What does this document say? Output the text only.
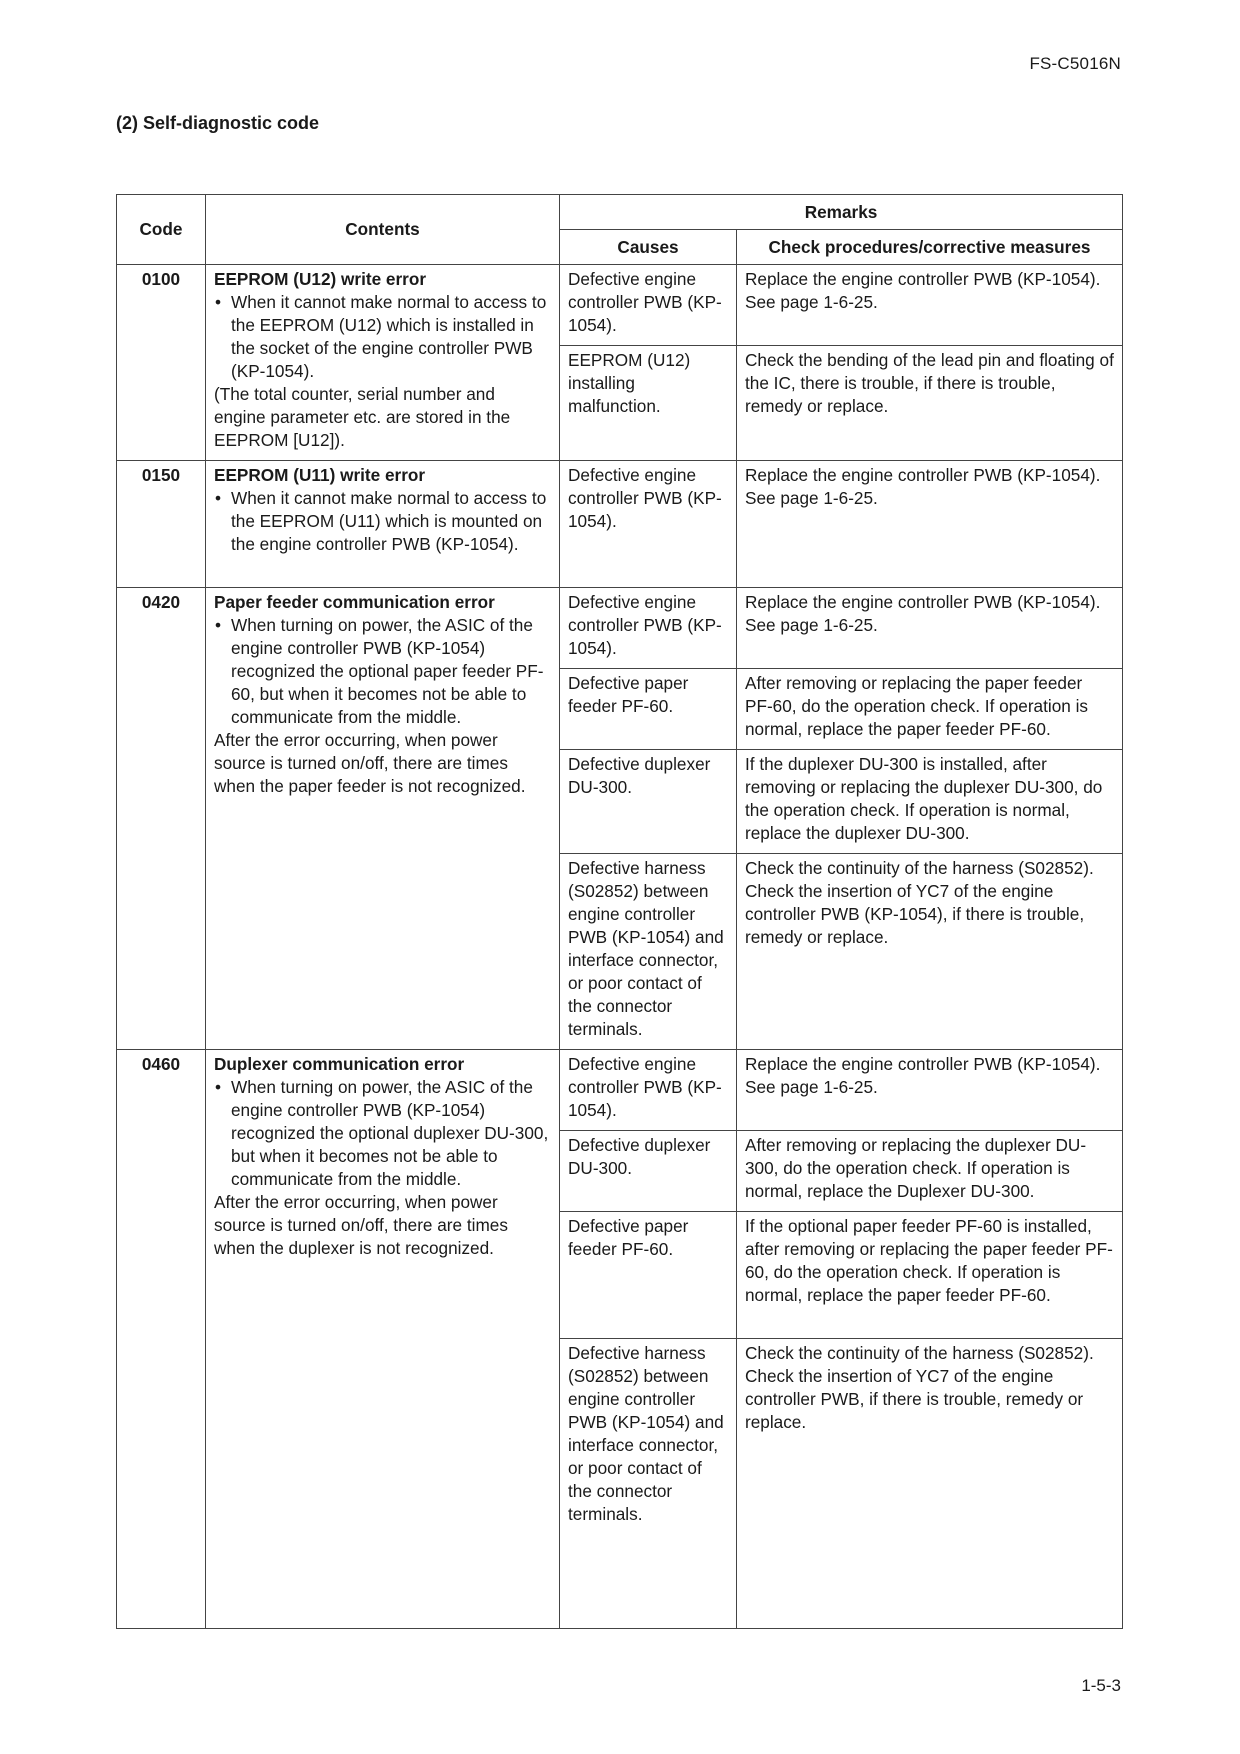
FS-C5016N
(2) Self-diagnostic code
Code	Contents	Remarks	
		Causes	Check procedures/corrective measures
0100	EEPROM (U12) write error
• When it cannot make normal to access to the EEPROM (U12) which is installed in the socket of the engine controller PWB (KP-1054).
(The total counter, serial number and engine parameter etc. are stored in the EEPROM [U12]).	Defective engine controller PWB (KP-1054).	Replace the engine controller PWB (KP-1054). See page 1-6-25.
		EEPROM (U12) installing malfunction.	Check the bending of the lead pin and floating of the IC, there is trouble, if there is trouble, remedy or replace.
0150	EEPROM (U11) write error
• When it cannot make normal to access to the EEPROM (U11) which is mounted on the engine controller PWB (KP-1054).	Defective engine controller PWB (KP-1054).	Replace the engine controller PWB (KP-1054). See page 1-6-25.
0420	Paper feeder communication error
• When turning on power, the ASIC of the engine controller PWB (KP-1054) recognized the optional paper feeder PF-60, but when it becomes not be able to communicate from the middle.
After the error occurring, when power source is turned on/off, there are times when the paper feeder is not recognized.	Defective engine controller PWB (KP-1054).	Replace the engine controller PWB (KP-1054). See page 1-6-25.
		Defective paper feeder PF-60.	After removing or replacing the paper feeder PF-60, do the operation check. If operation is normal, replace the paper feeder PF-60.
		Defective duplexer DU-300.	If the duplexer DU-300 is installed, after removing or replacing the duplexer DU-300, do the operation check. If operation is normal, replace the duplexer DU-300.
		Defective harness (S02852) between engine controller PWB (KP-1054) and interface connector, or poor contact of the connector terminals.	Check the continuity of the harness (S02852). Check the insertion of YC7 of the engine controller PWB (KP-1054), if there is trouble, remedy or replace.
0460	Duplexer communication error
• When turning on power, the ASIC of the engine controller PWB (KP-1054) recognized the optional duplexer DU-300, but when it becomes not be able to communicate from the middle.
After the error occurring, when power source is turned on/off, there are times when the duplexer is not recognized.	Defective engine controller PWB (KP-1054).	Replace the engine controller PWB (KP-1054). See page 1-6-25.
		Defective duplexer DU-300.	After removing or replacing the duplexer DU-300, do the operation check. If operation is normal, replace the Duplexer DU-300.
		Defective paper feeder PF-60.	If the optional paper feeder PF-60 is installed, after removing or replacing the paper feeder PF-60, do the operation check. If operation is normal, replace the paper feeder PF-60.
		Defective harness (S02852) between engine controller PWB (KP-1054) and interface connector, or poor contact of the connector terminals.	Check the continuity of the harness (S02852). Check the insertion of YC7 of the engine controller PWB, if there is trouble, remedy or replace.
1-5-3
